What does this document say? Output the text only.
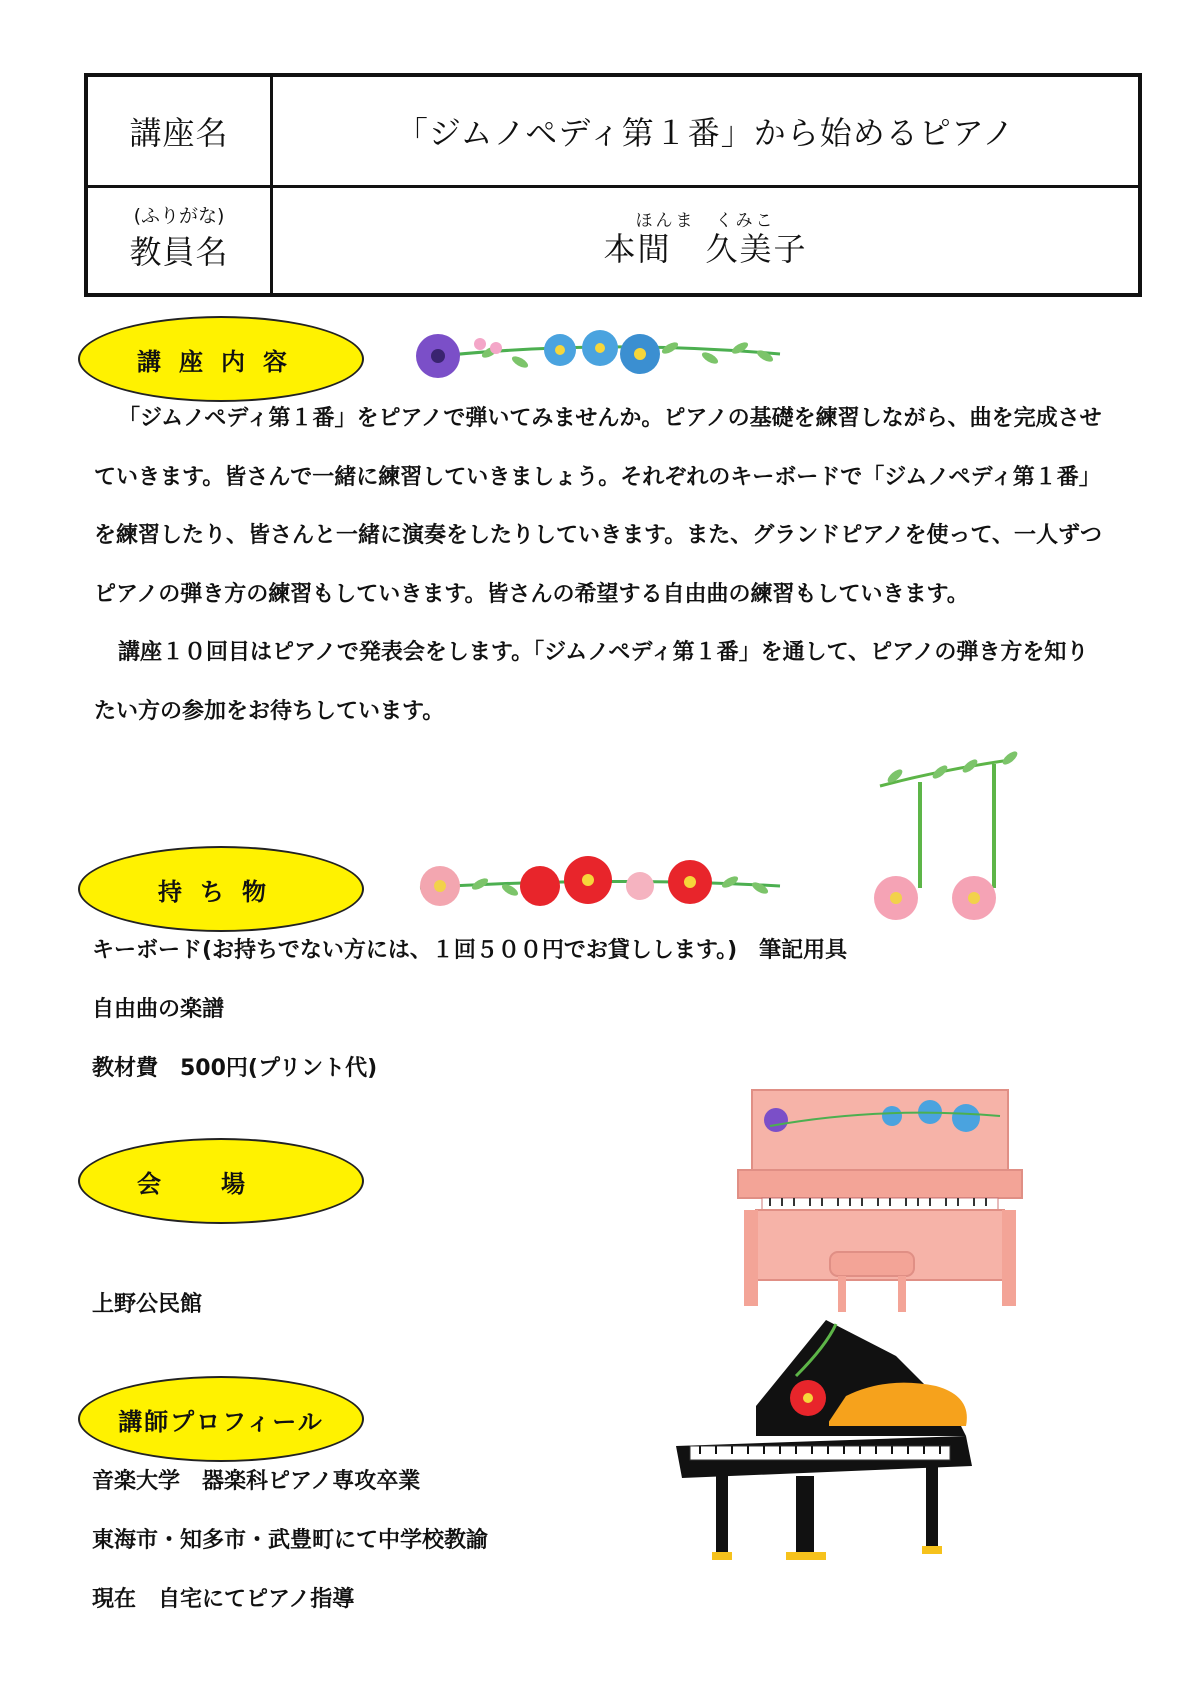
講座名	「ジムノペディ第１番」から始めるピアノ
(ふりがな)
教員名
ほんま　くみこ
本間　久美子
講座内容

「ジムノペディ第１番」をピアノで弾いてみませんか。ピアノの基礎を練習しながら、曲を完成させていきます。皆さんで一緒に練習していきましょう。それぞれのキーボードで「ジムノペディ第１番」を練習したり、皆さんと一緒に演奏をしたりしていきます。また、グランドピアノを使って、一人ずつピアノの弾き方の練習もしていきます。皆さんの希望する自由曲の練習もしていきます。

講座１０回目はピアノで発表会をします。「ジムノペディ第１番」を通して、ピアノの弾き方を知りたい方の参加をお待ちしています。

持ち物
キーボード(お持ちでない方には、１回５００円でお貸しします。)　筆記用具
自由曲の楽譜
教材費　500円(プリント代)
会場
上野公民館
講師プロフィール
音楽大学　器楽科ピアノ専攻卒業
東海市・知多市・武豊町にて中学校教諭
現在　自宅にてピアノ指導
